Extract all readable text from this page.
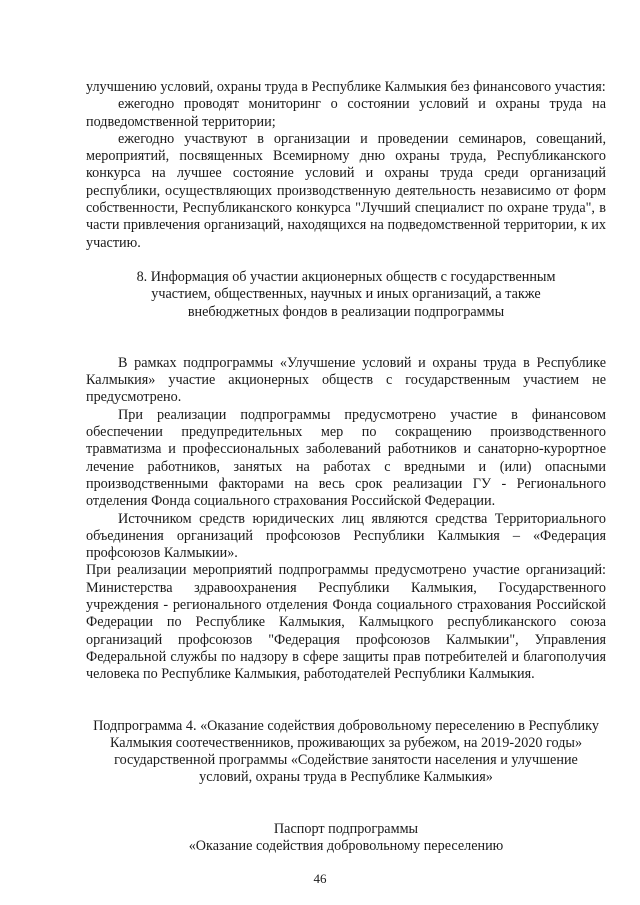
улучшению условий, охраны труда в Республике Калмыкия без финансового участия:

ежегодно проводят мониторинг о состоянии условий и охраны труда на подведомственной территории;

ежегодно участвуют в организации и проведении семинаров, совещаний, мероприятий, посвященных Всемирному дню охраны труда, Республиканского конкурса на лучшее состояние условий и охраны труда среди организаций республики, осуществляющих производственную деятельность независимо от форм собственности, Республиканского конкурса "Лучший специалист по охране труда", в части привлечения организаций, находящихся на подведомственной территории, к их участию.

8. Информация об участии акционерных обществ с государственным участием, общественных, научных и иных организаций, а также внебюджетных фондов в реализации подпрограммы

В рамках подпрограммы «Улучшение условий и охраны труда в Республике Калмыкия» участие акционерных обществ с государственным участием не предусмотрено.

При реализации подпрограммы предусмотрено участие в финансовом обеспечении предупредительных мер по сокращению производственного травматизма и профессиональных заболеваний работников и санаторно-курортное лечение работников, занятых на работах с вредными и (или) опасными производственными факторами на весь срок реализации ГУ - Регионального отделения Фонда социального страхования Российской Федерации.

Источником средств юридических лиц являются средства Территориального объединения организаций профсоюзов Республики Калмыкия – «Федерация профсоюзов Калмыкии».

При реализации мероприятий подпрограммы предусмотрено участие организаций: Министерства здравоохранения Республики Калмыкия, Государственного учреждения - регионального отделения Фонда социального страхования Российской Федерации по Республике Калмыкия, Калмыцкого республиканского союза организаций профсоюзов "Федерация профсоюзов Калмыкии", Управления Федеральной службы по надзору в сфере защиты прав потребителей и благополучия человека по Республике Калмыкия, работодателей Республики Калмыкия.

Подпрограмма 4. «Оказание содействия добровольному переселению в Республику Калмыкия соотечественников, проживающих за рубежом, на 2019-2020 годы» государственной программы «Содействие занятости населения и улучшение условий, охраны труда в Республике Калмыкия»

Паспорт подпрограммы

«Оказание содействия добровольному переселению

46
